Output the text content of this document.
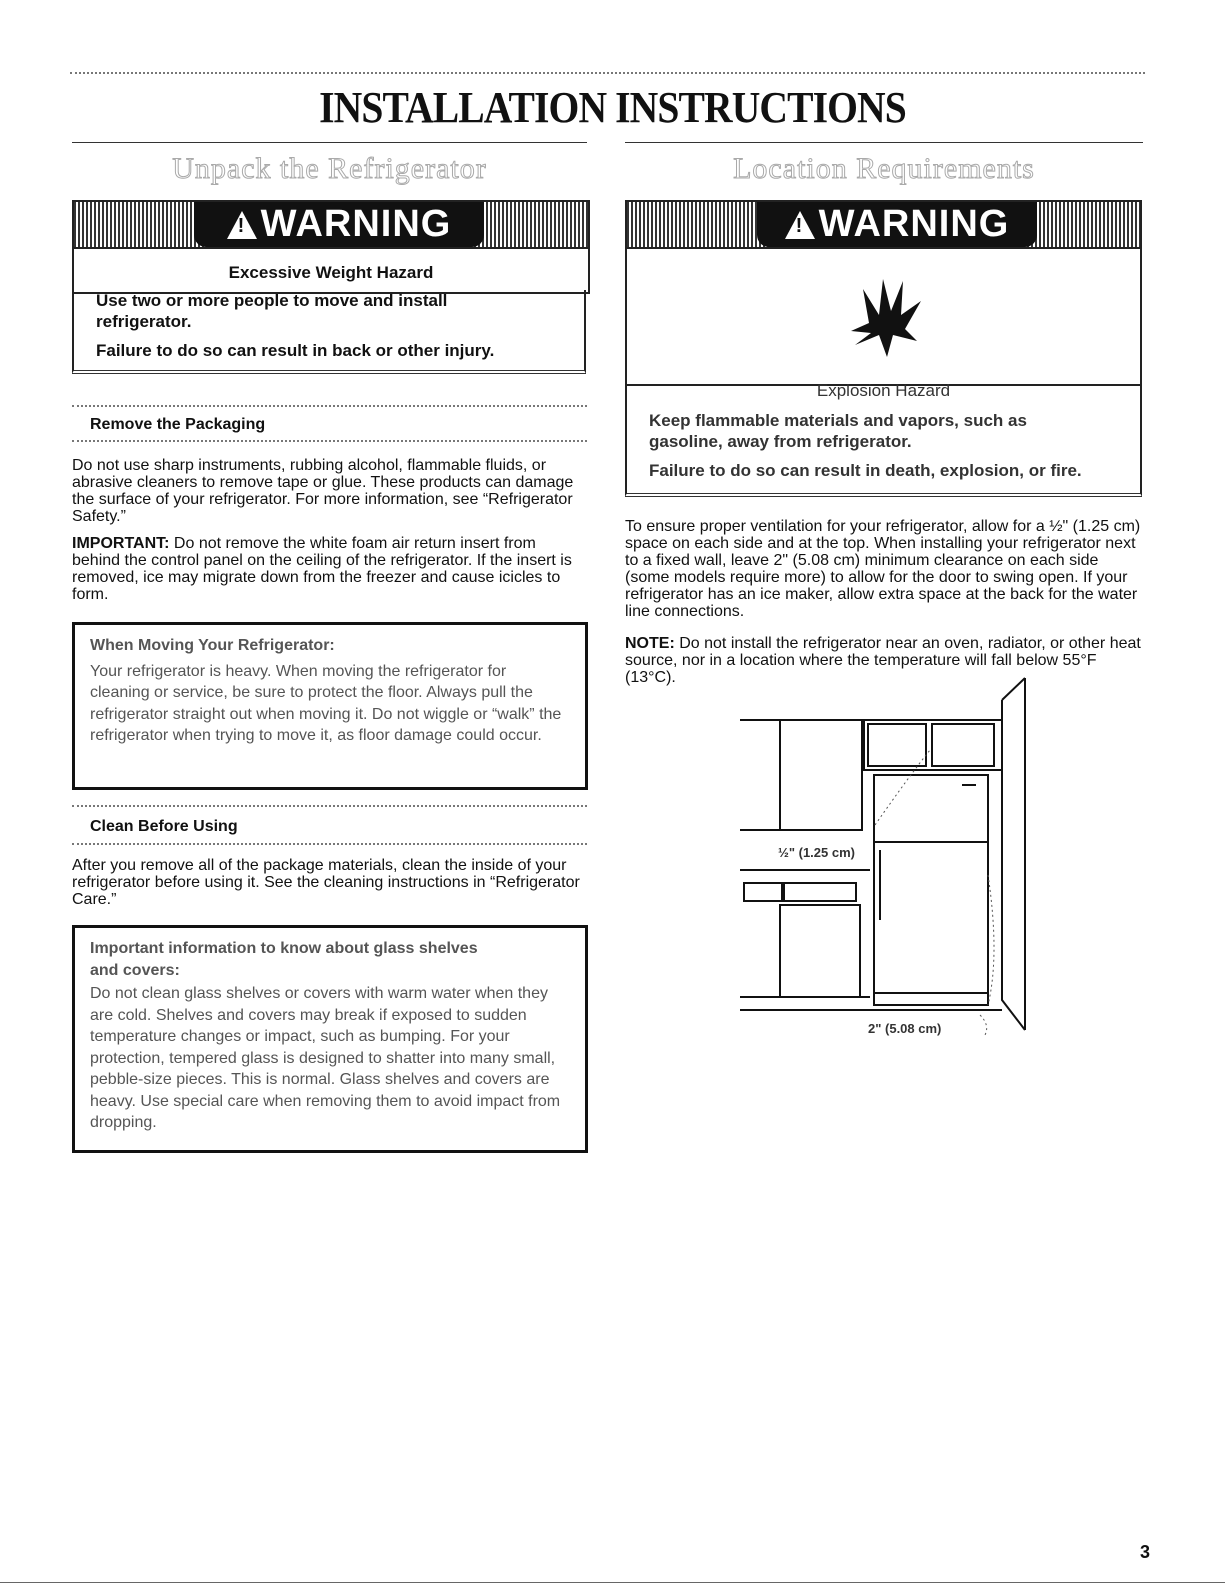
INSTALLATION INSTRUCTIONS
Unpack the Refrigerator
!
WARNING
Excessive Weight Hazard
Use two or more people to move and install refrigerator.
Failure to do so can result in back or other injury.
Remove the Packaging
Do not use sharp instruments, rubbing alcohol, flammable fluids, or abrasive cleaners to remove tape or glue. These products can damage the surface of your refrigerator. For more information, see “Refrigerator Safety.”
IMPORTANT: Do not remove the white foam air return insert from behind the control panel on the ceiling of the refrigerator. If the insert is removed, ice may migrate down from the freezer and cause icicles to form.
When Moving Your Refrigerator:
Your refrigerator is heavy. When moving the refrigerator for cleaning or service, be sure to protect the floor. Always pull the refrigerator straight out when moving it. Do not wiggle or “walk” the refrigerator when trying to move it, as floor damage could occur.
Clean Before Using
After you remove all of the package materials, clean the inside of your refrigerator before using it. See the cleaning instructions in “Refrigerator Care.”
Important information to know about glass shelves and covers:
Do not clean glass shelves or covers with warm water when they are cold. Shelves and covers may break if exposed to sudden temperature changes or impact, such as bumping. For your protection, tempered glass is designed to shatter into many small, pebble-size pieces. This is normal. Glass shelves and covers are heavy. Use special care when removing them to avoid impact from dropping.
Location Requirements
!
WARNING
Explosion Hazard
Keep flammable materials and vapors, such as gasoline, away from refrigerator.
Failure to do so can result in death, explosion, or fire.
To ensure proper ventilation for your refrigerator, allow for a ½" (1.25 cm) space on each side and at the top. When installing your refrigerator next to a fixed wall, leave 2" (5.08 cm) minimum clearance on each side (some models require more) to allow for the door to swing open. If your refrigerator has an ice maker, allow extra space at the back for the water line connections.
NOTE: Do not install the refrigerator near an oven, radiator, or other heat source, nor in a location where the temperature will fall below 55°F (13°C).
½" (1.25 cm)
2" (5.08 cm)
3
